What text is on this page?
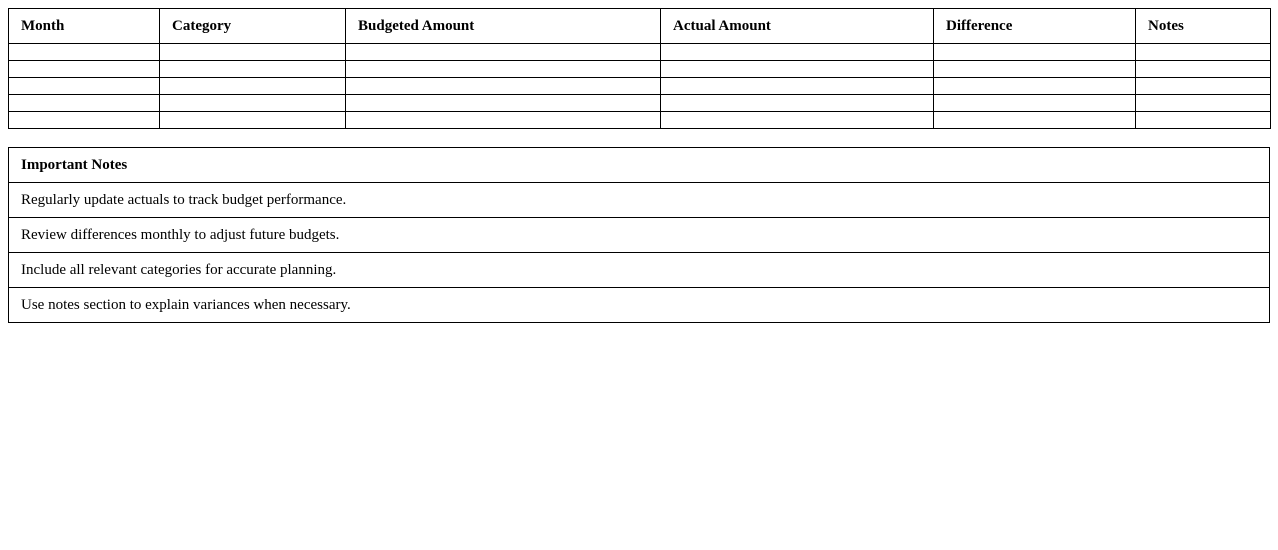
Month	Category	Budgeted Amount	Actual Amount	Difference	Notes

Important Notes
Regularly update actuals to track budget performance.
Review differences monthly to adjust future budgets.
Include all relevant categories for accurate planning.
Use notes section to explain variances when necessary.
